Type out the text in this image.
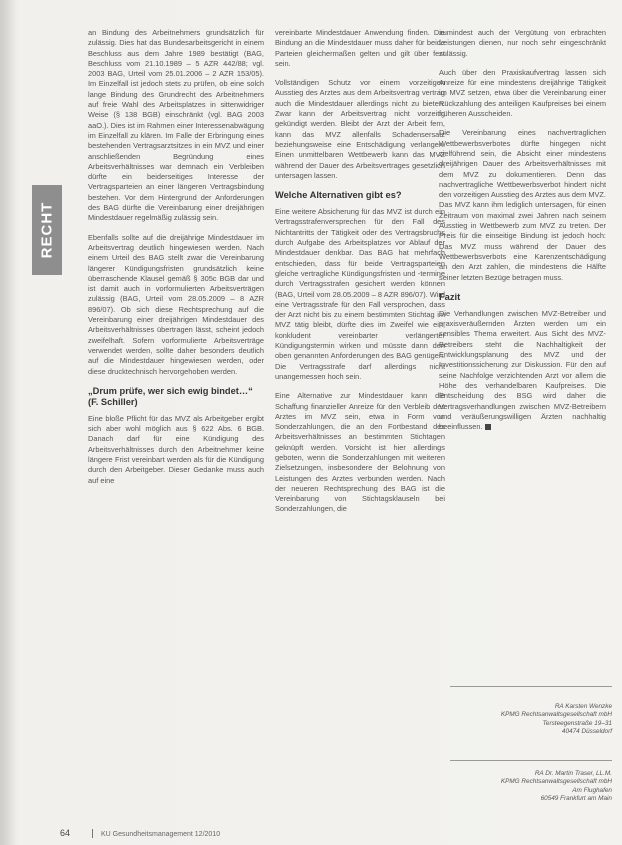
RECHT

an Bindung des Arbeitnehmers grundsätzlich für zulässig. Dies hat das Bundesarbeitsgericht in einem Beschluss aus dem Jahre 1989 bestätigt (BAG, Beschluss vom 21.10.1989 – 5 AZR 442/88; vgl. 2003 BAG, Urteil vom 25.01.2006 – 2 AZR 153/05). Im Einzelfall ist jedoch stets zu prüfen, ob eine solch lange Bindung des Grundrecht des Arbeitnehmers auf freie Wahl des Arbeitsplatzes in sittenwidriger Weise (§ 138 BGB) einschränkt (vgl. BAG 2003 aaO.). Dies ist im Rahmen einer Interessenabwägung im Einzelfall zu klären. Im Falle der Erbringung eines bestehenden Vertragsarztsitzes in ein MVZ und einer anschließenden Begründung eines Arbeitsverhältnisses war demnach ein Verbleiben dürfte ein beiderseitiges Interesse der Vertragsparteien an einer längeren Vertragsbindung bestehen. Vor dem Hintergrund der Anforderungen des BAG dürfte die Vereinbarung einer dreijährigen Mindestdauer regelmäßig zulässig sein.

Ebenfalls sollte auf die dreijährige Mindestdauer im Arbeitsvertrag deutlich hingewiesen werden. Nach einem Urteil des BAG stellt zwar die Vereinbarung längerer Kündigungsfristen grundsätzlich keine überraschende Klausel gemäß § 305c BGB dar und ist damit auch in vorformulierten Arbeitsverträgen zulässig (BAG, Urteil vom 28.05.2009 – 8 AZR 896/07). Ob sich diese Rechtsprechung auf die Vereinbarung einer dreijährigen Mindestdauer des Arbeitsverhältnisses übertragen lässt, scheint jedoch zweifelhaft. Sofern vorformulierte Arbeitsverträge verwendet werden, sollte daher besonders deutlich auf die Mindestdauer hingewiesen werden, oder diese drucktechnisch hervorgehoben werden.

„Drum prüfe, wer sich ewig bindet…“ (F. Schiller)

Eine bloße Pflicht für das MVZ als Arbeitgeber ergibt sich aber wohl möglich aus § 622 Abs. 6 BGB. Danach darf für eine Kündigung des Arbeitsverhältnisses durch den Arbeitnehmer keine längere Frist vereinbart werden als für die Kündigung durch den Arbeitgeber. Dieser Gedanke muss auch auf eine

vereinbarte Mindestdauer Anwendung finden. Die Bindung an die Mindestdauer muss daher für beide Parteien gleichermaßen gelten und gilt über fest sein.

Vollständigen Schutz vor einem vorzeitigen Ausstieg des Arztes aus dem Arbeitsvertrag vertrag auch die Mindestdauer allerdings nicht zu bieten. Zwar kann der Arbeitsvertrag nicht vorzeitig gekündigt werden. Bleibt der Arzt der Arbeit fern, kann das MVZ allenfalls Schadensersatz beziehungsweise eine Entschädigung verlangen. Einen unmittelbaren Wettbewerb kann das MVZ während der Dauer des Arbeitsvertrages gesetzlich untersagen lassen.

Welche Alternativen gibt es?

Eine weitere Absicherung für das MVZ ist durch ein Vertragsstrafenversprechen für den Fall des Nichtantritts der Tätigkeit oder des Vertragsbruchs durch Aufgabe des Arbeitsplatzes vor Ablauf der Mindestdauer denkbar. Das BAG hat mehrfach entschieden, dass für beide Vertragsparteien gleiche vertragliche Kündigungsfristen und -termine durch Vertragsstrafen gesichert werden können (BAG, Urteil vom 28.05.2009 – 8 AZR 896/07). Wird eine Vertragsstrafe für den Fall versprochen, dass der Arzt nicht bis zu einem bestimmten Stichtag im MVZ tätig bleibt, dürfte dies im Zweifel wie ein, konkludent vereinbarter verlängerter Kündigungstermin wirken und müsste dann den oben genannten Anforderungen des BAG genügen. Die Vertragsstrafe darf allerdings nicht unangemessen hoch sein.

Eine Alternative zur Mindestdauer kann die Schaffung finanzieller Anreize für den Verbleib des Arztes im MVZ sein, etwa in Form von Sonderzahlungen, die an den Fortbestand des Arbeitsverhältnisses an bestimmten Stichtagen geknüpft werden. Vorsicht ist hier allerdings geboten, wenn die Sonderzahlungen mit weiteren Zielsetzungen, insbesondere der Belohnung von Leistungen des Arztes verbunden werden. Nach der neueren Rechtsprechung des BAG ist die Vereinbarung von Stichtagsklauseln bei Sonderzahlungen, die

zumindest auch der Vergütung von erbrachten Leistungen dienen, nur noch sehr eingeschränkt zulässig.

Auch über den Praxiskaufvertrag lassen sich Anreize für eine mindestens dreijährige Tätigkeit im MVZ setzen, etwa über die Vereinbarung einer Rückzahlung des anteiligen Kaufpreises bei einem früheren Ausscheiden.

Die Vereinbarung eines nachvertraglichen Wettbewerbsverbotes dürfte hingegen nicht zielführend sein, die Absicht einer mindestens dreijährigen Dauer des Arbeitsverhältnisses mit dem MVZ zu dokumentieren. Denn das nachvertragliche Wettbewerbsverbot hindert nicht den vorzeitigen Ausstieg des Arztes aus dem MVZ. Das MVZ kann ihm lediglich untersagen, für einen Zeitraum von maximal zwei Jahren nach seinem Ausstieg in Wettbewerb zum MVZ zu treten. Der Preis für die einseitige Bindung ist jedoch hoch: Das MVZ muss während der Dauer des Wettbewerbsverbots eine Karenzentschädigung an den Arzt zahlen, die mindestens die Hälfte seiner letzten Bezüge betragen muss.

Fazit

Die Verhandlungen zwischen MVZ-Betreiber und praxisveräußernden Ärzten werden um ein sensibles Thema erweitert. Aus Sicht des MVZ-Betreibers steht die Nachhaltigkeit der Entwicklungsplanung des MVZ und der Investitionssicherung zur Diskussion. Für den auf seine Nachfolge verzichtenden Arzt vor allem die Höhe des verhandelbaren Kaufpreises. Die Entscheidung des BSG wird daher die Vertragsverhandlungen zwischen MVZ-Betreibern und veräußerungswilligen Ärzten nachhaltig beeinflussen.

RA Karsten Wenzke
KPMG Rechtsanwaltsgesellschaft mbH
Tersteegenstraße 19–31
40474 Düsseldorf
RA Dr. Martin Traser, LL.M.
KPMG Rechtsanwaltsgesellschaft mbH
Am Flughafen
60549 Frankfurt am Main
64	KU Gesundheitsmanagement 12/2010
